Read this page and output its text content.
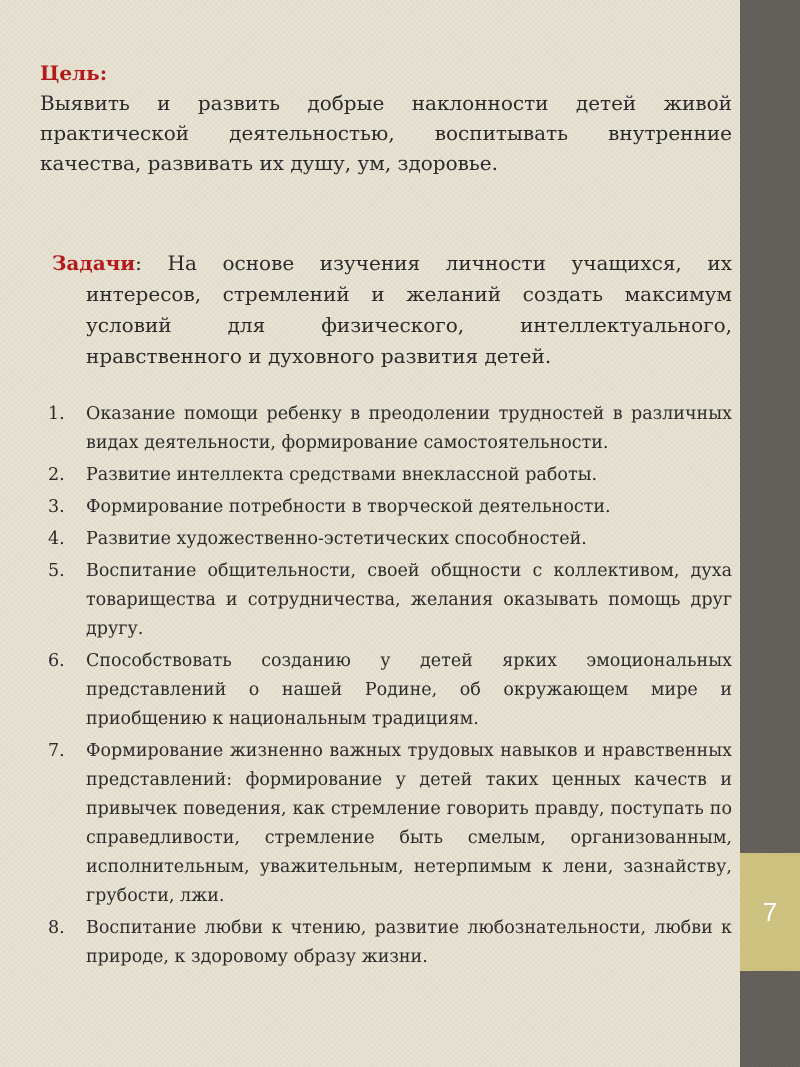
7
Цель:
Выявить и развить добрые наклонности детей живой практической деятельностью, воспитывать внутренние качества, развивать их душу, ум, здоровье.
Задачи: На основе изучения личности учащихся, их интересов, стремлений и желаний создать максимум условий для физического, интеллектуального, нравственного и духовного развития детей.
1. Оказание помощи ребенку в преодолении трудностей в различных видах деятельности, формирование самостоятельности.
2. Развитие интеллекта средствами внеклассной работы.
3. Формирование потребности в творческой деятельности.
4. Развитие художественно-эстетических способностей.
5. Воспитание общительности, своей общности с коллективом, духа товарищества и сотрудничества, желания оказывать помощь друг другу.
6. Способствовать созданию у детей ярких эмоциональных представлений о нашей Родине, об окружающем мире и приобщению к национальным традициям.
7. Формирование жизненно важных трудовых навыков и нравственных представлений: формирование у детей таких ценных качеств и привычек поведения, как стремление говорить правду, поступать по справедливости, стремление быть смелым, организованным, исполнительным, уважительным, нетерпимым к лени, зазнайству, грубости, лжи.
8. Воспитание любви к чтению, развитие любознательности, любви к природе, к здоровому образу жизни.
